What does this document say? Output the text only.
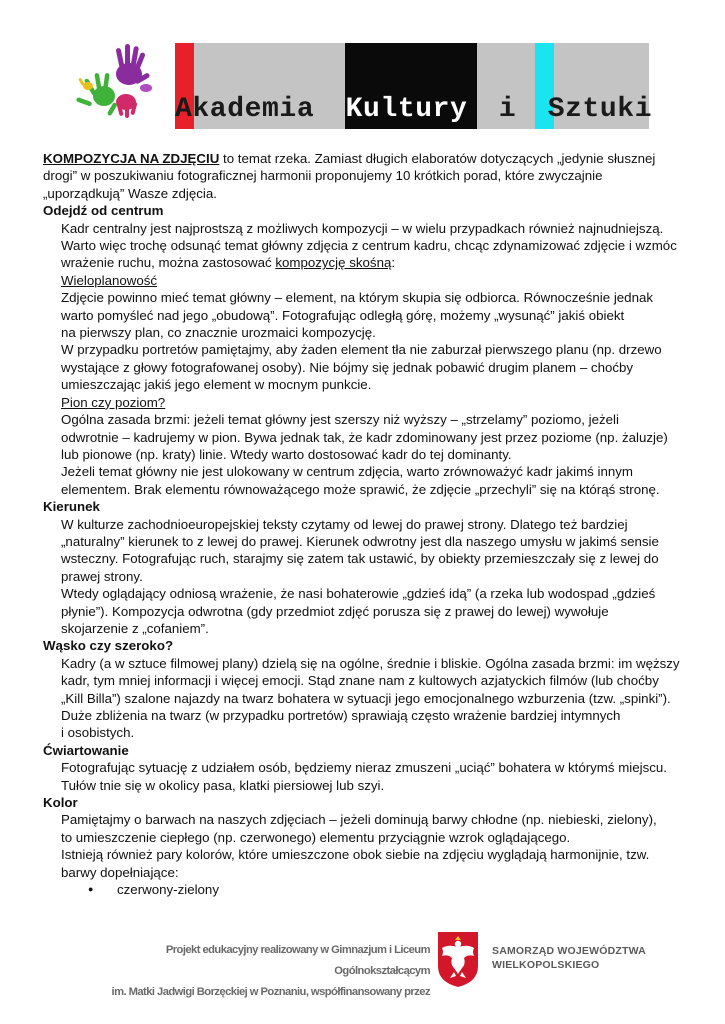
Akademia Kultury i Sztuki

KOMPOZYCJA NA ZDJĘCIU to temat rzeka. Zamiast długich elaboratów dotyczących „jedynie słusznej

drogi” w poszukiwaniu fotograficznej harmonii proponujemy 10 krótkich porad, które zwyczajnie

„uporządkują” Wasze zdjęcia.

Odejdź od centrum

Kadr centralny jest najprostszą z możliwych kompozycji – w wielu przypadkach również najnudniejszą.

Warto więc trochę odsunąć temat główny zdjęcia z centrum kadru, chcąc zdynamizować zdjęcie i wzmóc

wrażenie ruchu, można zastosować kompozycję skośną:

Wieloplanowość

Zdjęcie powinno mieć temat główny – element, na którym skupia się odbiorca. Równocześnie jednak

warto pomyśleć nad jego „obudową”. Fotografując odległą górę, możemy „wysunąć” jakiś obiekt

na pierwszy plan, co znacznie urozmaici kompozycję.

W przypadku portretów pamiętajmy, aby żaden element tła nie zaburzał pierwszego planu (np. drzewo

wystające z głowy fotografowanej osoby). Nie bójmy się jednak pobawić drugim planem – choćby

umieszczając jakiś jego element w mocnym punkcie.

Pion czy poziom?

Ogólna zasada brzmi: jeżeli temat główny jest szerszy niż wyższy – „strzelamy” poziomo, jeżeli

odwrotnie – kadrujemy w pion. Bywa jednak tak, że kadr zdominowany jest przez poziome (np. żaluzje)

lub pionowe (np. kraty) linie. Wtedy warto dostosować kadr do tej dominanty.

Jeżeli temat główny nie jest ulokowany w centrum zdjęcia, warto zrównoważyć kadr jakimś innym

elementem. Brak elementu równoważącego może sprawić, że zdjęcie „przechyli” się na którąś stronę.

Kierunek

W kulturze zachodnioeuropejskiej teksty czytamy od lewej do prawej strony. Dlatego też bardziej

„naturalny” kierunek to z lewej do prawej. Kierunek odwrotny jest dla naszego umysłu w jakimś sensie

wsteczny. Fotografując ruch, starajmy się zatem tak ustawić, by obiekty przemieszczały się z lewej do

prawej strony.

Wtedy oglądający odniosą wrażenie, że nasi bohaterowie „gdzieś idą” (a rzeka lub wodospad „gdzieś

płynie”). Kompozycja odwrotna (gdy przedmiot zdjęć porusza się z prawej do lewej) wywołuje

skojarzenie z „cofaniem”.

Wąsko czy szeroko?

Kadry (a w sztuce filmowej plany) dzielą się na ogólne, średnie i bliskie. Ogólna zasada brzmi: im węższy

kadr, tym mniej informacji i więcej emocji. Stąd znane nam z kultowych azjatyckich filmów (lub choćby

„Kill Billa”) szalone najazdy na twarz bohatera w sytuacji jego emocjonalnego wzburzenia (tzw. „spinki”).

Duże zbliżenia na twarz (w przypadku portretów) sprawiają często wrażenie bardziej intymnych

i osobistych.

Ćwiartowanie

Fotografując sytuację z udziałem osób, będziemy nieraz zmuszeni „uciąć” bohatera w którymś miejscu.

Tułów tnie się w okolicy pasa, klatki piersiowej lub szyi.

Kolor

Pamiętajmy o barwach na naszych zdjęciach – jeżeli dominują barwy chłodne (np. niebieski, zielony),

to umieszczenie ciepłego (np. czerwonego) elementu przyciągnie wzrok oglądającego.

Istnieją również pary kolorów, które umieszczone obok siebie na zdjęciu wyglądają harmonijnie, tzw.

barwy dopełniające:

● czerwony-zielony

Projekt edukacyjny realizowany w Gimnazjum i Liceum Ogólnokształcącym
im. Matki Jadwigi Borzęckiej w Poznaniu, współfinansowany przez
SAMORZĄD WOJEWÓDZTWA
WIELKOPOLSKIEGO
